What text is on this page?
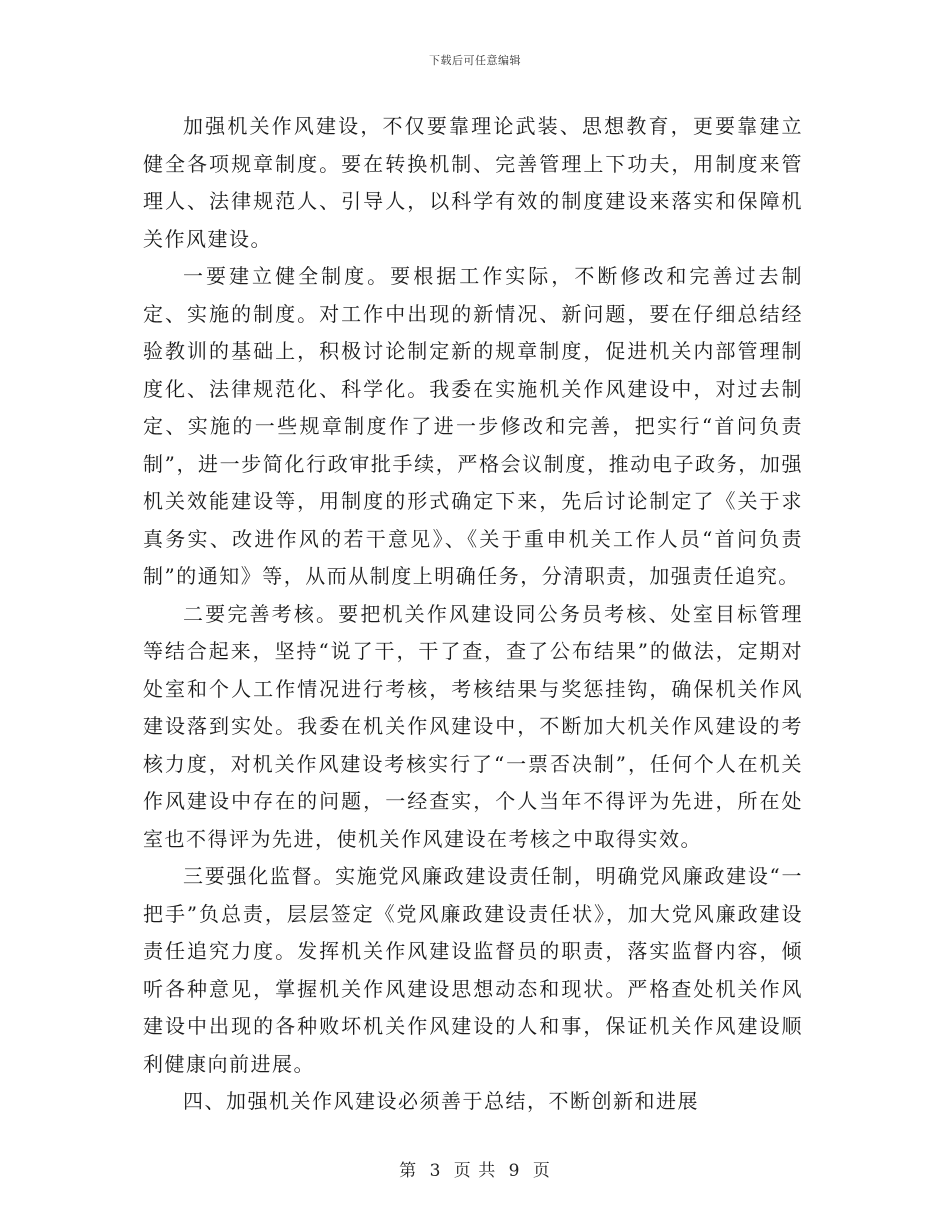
下载后可任意编辑

加强机关作风建设，不仅要靠理论武装、思想教育，更要靠建立健全各项规章制度。要在转换机制、完善管理上下功夫，用制度来管理人、法律规范人、引导人，以科学有效的制度建设来落实和保障机关作风建设。

一要建立健全制度。要根据工作实际，不断修改和完善过去制定、实施的制度。对工作中出现的新情况、新问题，要在仔细总结经验教训的基础上，积极讨论制定新的规章制度，促进机关内部管理制度化、法律规范化、科学化。我委在实施机关作风建设中，对过去制定、实施的一些规章制度作了进一步修改和完善，把实行“首问负责制”，进一步简化行政审批手续，严格会议制度，推动电子政务，加强机关效能建设等，用制度的形式确定下来，先后讨论制定了《关于求真务实、改进作风的若干意见》、《关于重申机关工作人员“首问负责制”的通知》等，从而从制度上明确任务，分清职责，加强责任追究。

二要完善考核。要把机关作风建设同公务员考核、处室目标管理等结合起来，坚持“说了干，干了查，查了公布结果”的做法，定期对处室和个人工作情况进行考核，考核结果与奖惩挂钩，确保机关作风建设落到实处。我委在机关作风建设中，不断加大机关作风建设的考核力度，对机关作风建设考核实行了“一票否决制”，任何个人在机关作风建设中存在的问题，一经查实，个人当年不得评为先进，所在处室也不得评为先进，使机关作风建设在考核之中取得实效。

三要强化监督。实施党风廉政建设责任制，明确党风廉政建设“一把手”负总责，层层签定《党风廉政建设责任状》，加大党风廉政建设责任追究力度。发挥机关作风建设监督员的职责，落实监督内容，倾听各种意见，掌握机关作风建设思想动态和现状。严格查处机关作风建设中出现的各种败坏机关作风建设的人和事，保证机关作风建设顺利健康向前进展。

四、加强机关作风建设必须善于总结，不断创新和进展

第 3 页 共 9 页
